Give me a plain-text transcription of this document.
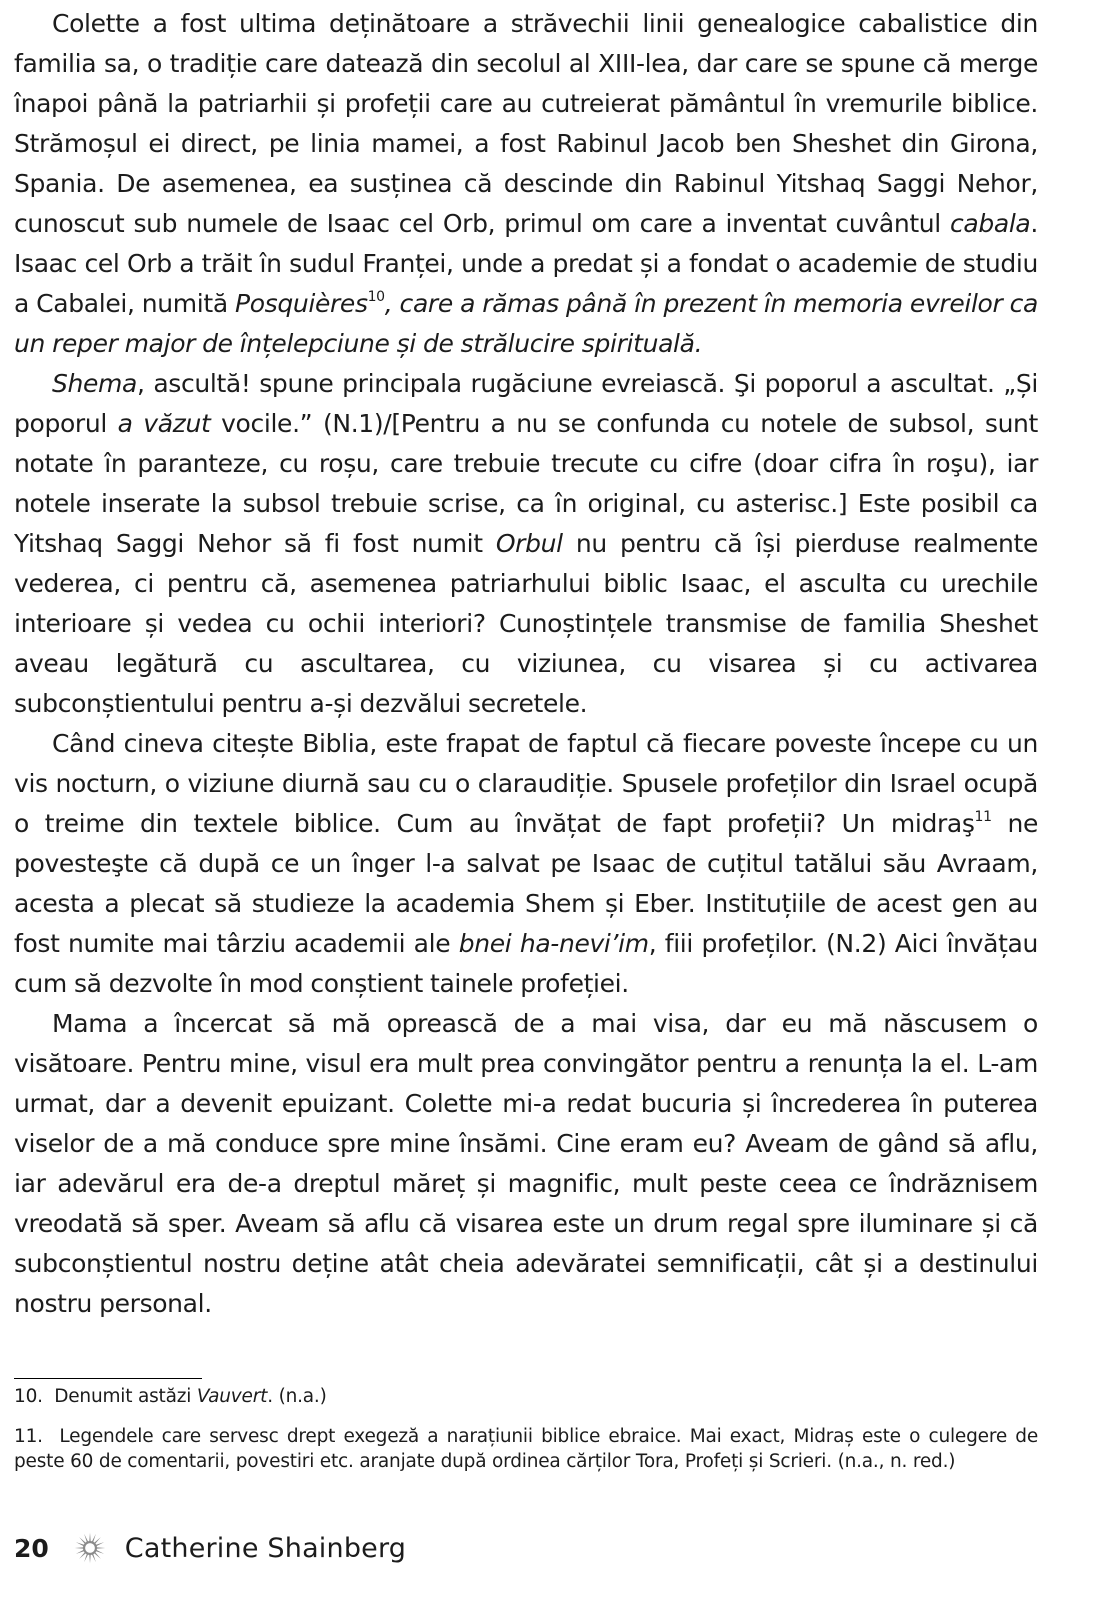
Colette a fost ultima deținătoare a străvechii linii genealogice cabalistice din familia sa, o tradiție care datează din secolul al XIII-lea, dar care se spune că merge înapoi până la patriarhii și profeții care au cutreierat pământul în vremurile biblice. Strămoșul ei direct, pe linia mamei, a fost Rabinul Jacob ben Sheshet din Girona, Spania. De asemenea, ea susținea că descinde din Rabinul Yitshaq Saggi Nehor, cunoscut sub numele de Isaac cel Orb, primul om care a inventat cuvântul cabala. Isaac cel Orb a trăit în sudul Franței, unde a predat și a fondat o academie de studiu a Cabalei, numită Posquières$^{10}$, care a rămas până în prezent în memoria evreilor ca un reper major de înțelepciune și de strălucire spirituală.

Shema, ascultă! spune principala rugăciune evreiască. Şi poporul a ascultat. „Și poporul a văzut vocile.” (N.1)/[Pentru a nu se confunda cu notele de subsol, sunt notate în paranteze, cu roșu, care trebuie trecute cu cifre (doar cifra în roşu), iar notele inserate la subsol trebuie scrise, ca în original, cu asterisc.] Este posibil ca Yitshaq Saggi Nehor să fi fost numit Orbul nu pentru că își pierduse realmente vederea, ci pentru că, asemenea patriarhului biblic Isaac, el asculta cu urechile interioare și vedea cu ochii interiori? Cunoștințele transmise de familia Sheshet aveau legătură cu ascultarea, cu viziunea, cu visarea și cu activarea subconștientului pentru a-și dezvălui secretele.

Când cineva citește Biblia, este frapat de faptul că fiecare poveste începe cu un vis nocturn, o viziune diurnă sau cu o claraudiție. Spusele profeților din Israel ocupă o treime din textele biblice. Cum au învățat de fapt profeții? Un midraş$^{11}$ ne povesteşte că după ce un înger l-a salvat pe Isaac de cuțitul tatălui său Avraam, acesta a plecat să studieze la academia Shem și Eber. Instituțiile de acest gen au fost numite mai târziu academii ale bnei ha-nevi’im, fiii profeților. (N.2) Aici învățau cum să dezvolte în mod conștient tainele profeției.

Mama a încercat să mă oprească de a mai visa, dar eu mă născusem o visătoare. Pentru mine, visul era mult prea convingător pentru a renunța la el. L-am urmat, dar a devenit epuizant. Colette mi-a redat bucuria și încrederea în puterea viselor de a mă conduce spre mine însămi. Cine eram eu? Aveam de gând să aflu, iar adevărul era de-a dreptul măreț și magnific, mult peste ceea ce îndrăznisem vreodată să sper. Aveam să aflu că visarea este un drum regal spre iluminare și că subconștientul nostru deține atât cheia adevăratei semnificații, cât și a destinului nostru personal.

10. Denumit astăzi Vauvert. (n.a.)
11. Legendele care servesc drept exegeză a narațiunii biblice ebraice. Mai exact, Midraș este o culegere de peste 60 de comentarii, povestiri etc. aranjate după ordinea cărților Tora, Profeți și Scrieri. (n.a., n. red.)
20	Catherine Shainberg
